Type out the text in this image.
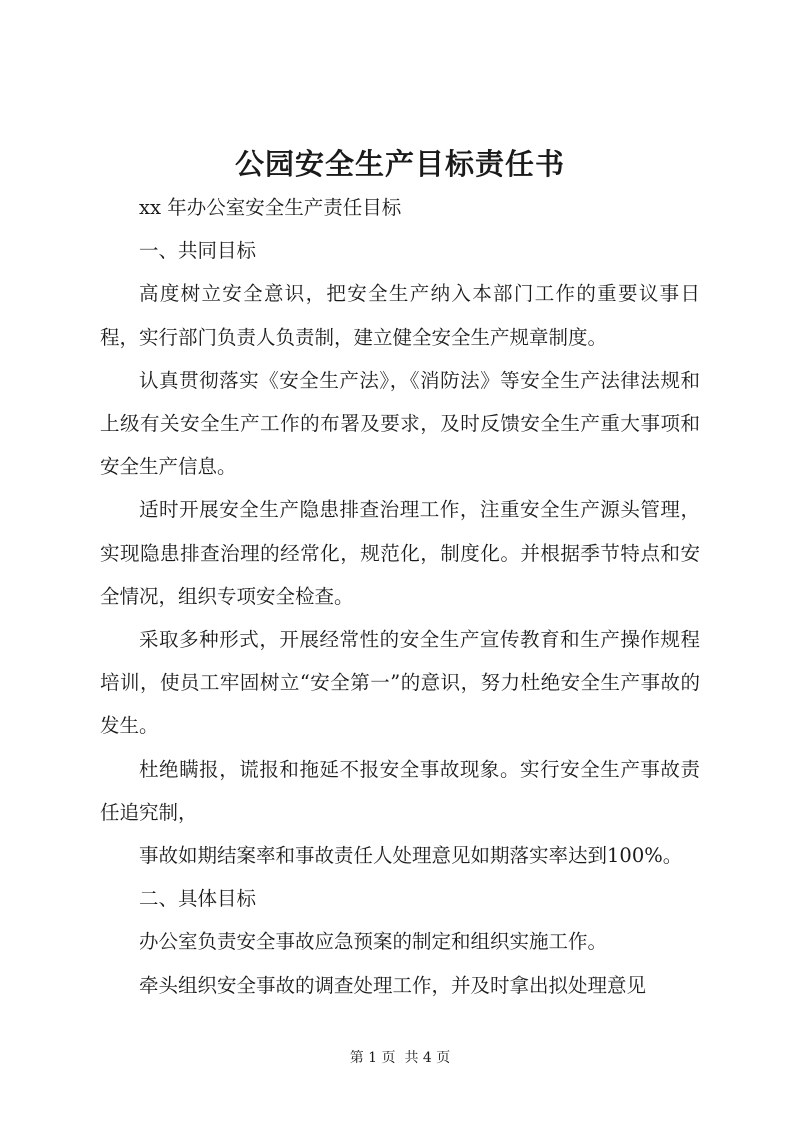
公园安全生产目标责任书

xx 年办公室安全生产责任目标

一、共同目标

高度树立安全意识，把安全生产纳入本部门工作的重要议事日程，实行部门负责人负责制，建立健全安全生产规章制度。

认真贯彻落实《安全生产法》，《消防法》等安全生产法律法规和上级有关安全生产工作的布署及要求，及时反馈安全生产重大事项和安全生产信息。

适时开展安全生产隐患排查治理工作，注重安全生产源头管理，实现隐患排查治理的经常化，规范化，制度化。并根据季节特点和安全情况，组织专项安全检查。

采取多种形式，开展经常性的安全生产宣传教育和生产操作规程培训，使员工牢固树立“安全第一”的意识，努力杜绝安全生产事故的发生。

杜绝瞒报，谎报和拖延不报安全事故现象。实行安全生产事故责任追究制，

事故如期结案率和事故责任人处理意见如期落实率达到100%。

二、具体目标

办公室负责安全事故应急预案的制定和组织实施工作。

牵头组织安全事故的调查处理工作，并及时拿出拟处理意见

第 1 页  共 4 页
